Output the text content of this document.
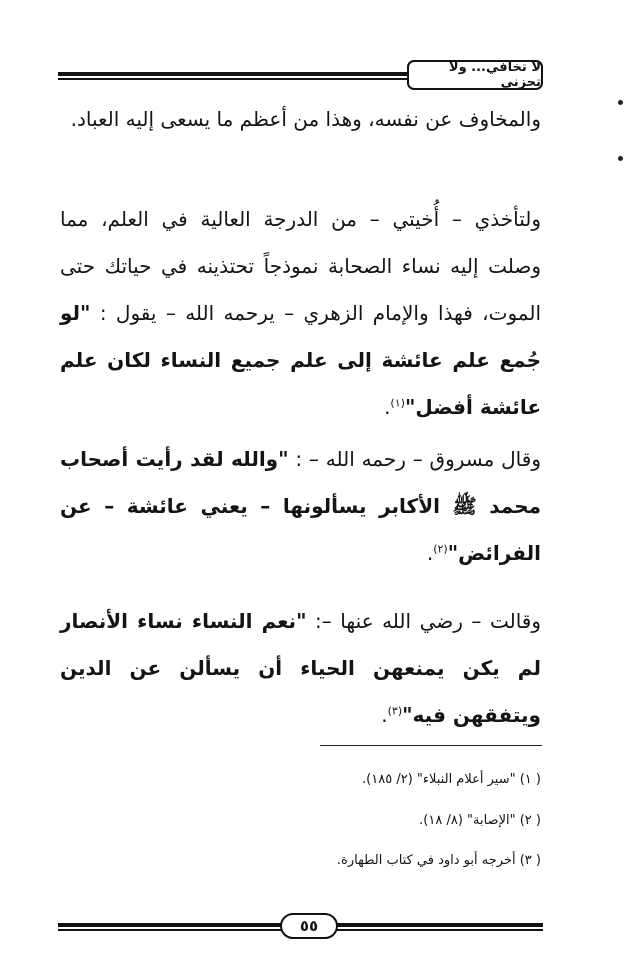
لا تخافي... ولا تحزني
والمخاوف عن نفسه، وهذا من أعظم ما يسعى إليه العباد.
ولتأخذي – أُخيتي – من الدرجة العالية في العلم، مما وصلت إليه نساء الصحابة نموذجاً تحتذينه في حياتك حتى الموت، فهذا والإمام الزهري – يرحمه الله – يقول : "لو جُمع علم عائشة إلى علم جميع النساء لكان علم عائشة أفضل"$^{(١)}$.
وقال مسروق – رحمه الله – : "والله لقد رأيت أصحاب محمد ﷺ الأكابر يسألونها – يعني عائشة – عن الفرائض"$^{(٢)}$.
وقالت – رضي الله عنها –: "نعم النساء نساء الأنصار لم يكن يمنعهن الحياء أن يسألن عن الدين ويتفقهن فيه"$^{(٣)}$.
( ١) "سير أعلام النبلاء" (٢/ ١٨٥).
( ٢) "الإصابة" (٨/ ١٨).
( ٣) أخرجه أبو داود في كتاب الطهارة.
٥٥
